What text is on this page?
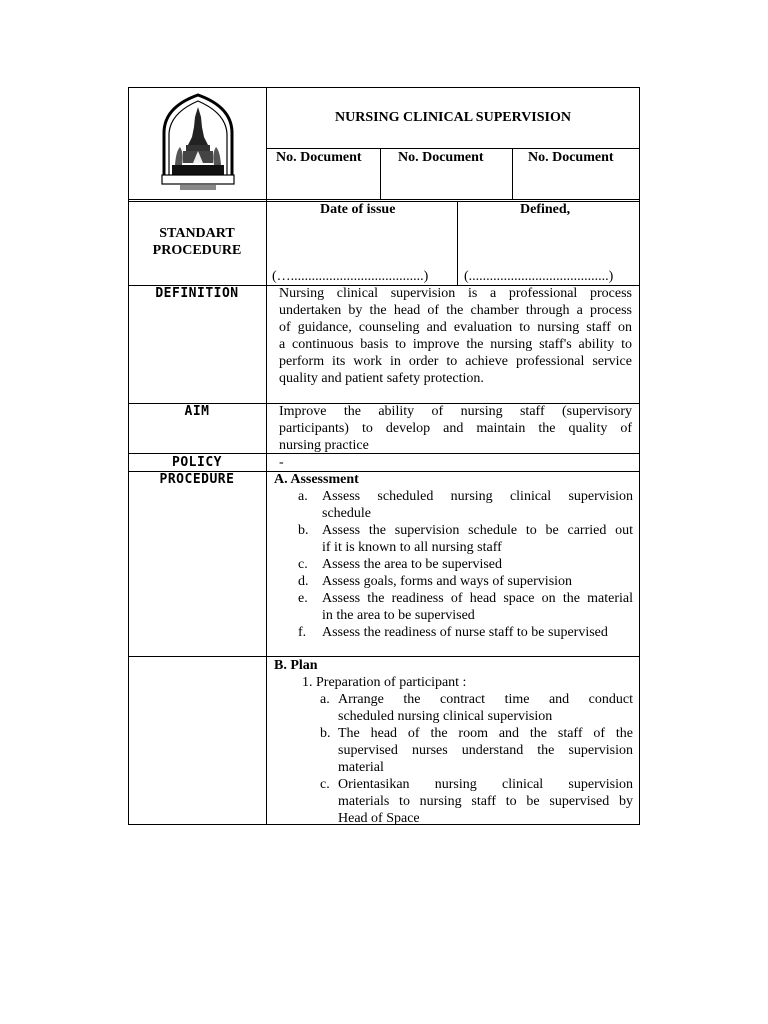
NURSING CLINICAL SUPERVISION
No. Document	No. Document	No. Document
STANDART
PROCEDURE
Date of issue	Defined,
(…......................................)	(........................................)
DEFINITION	Nursing clinical supervision is a professional process
undertaken by the head of the chamber through a process
of guidance, counseling and evaluation to nursing staff on
a continuous basis to improve the nursing staff's ability to
perform its work in order to achieve professional service
quality and patient safety protection.
AIM	Improve the ability of nursing staff (supervisory
participants) to develop and maintain the quality of
nursing practice
POLICY	-
PROCEDURE	A. Assessment
a. Assess scheduled nursing clinical supervision
schedule
b. Assess the supervision schedule to be carried out
if it is known to all nursing staff
c. Assess the area to be supervised
d. Assess goals, forms and ways of supervision
e. Assess the readiness of head space on the material
in the area to be supervised
f. Assess the readiness of nurse staff to be supervised
B. Plan
1. Preparation of participant :
a. Arrange the contract time and conduct
scheduled nursing clinical supervision
b. The head of the room and the staff of the
supervised nurses understand the supervision
material
c. Orientasikan nursing clinical supervision
materials to nursing staff to be supervised by
Head of Space
